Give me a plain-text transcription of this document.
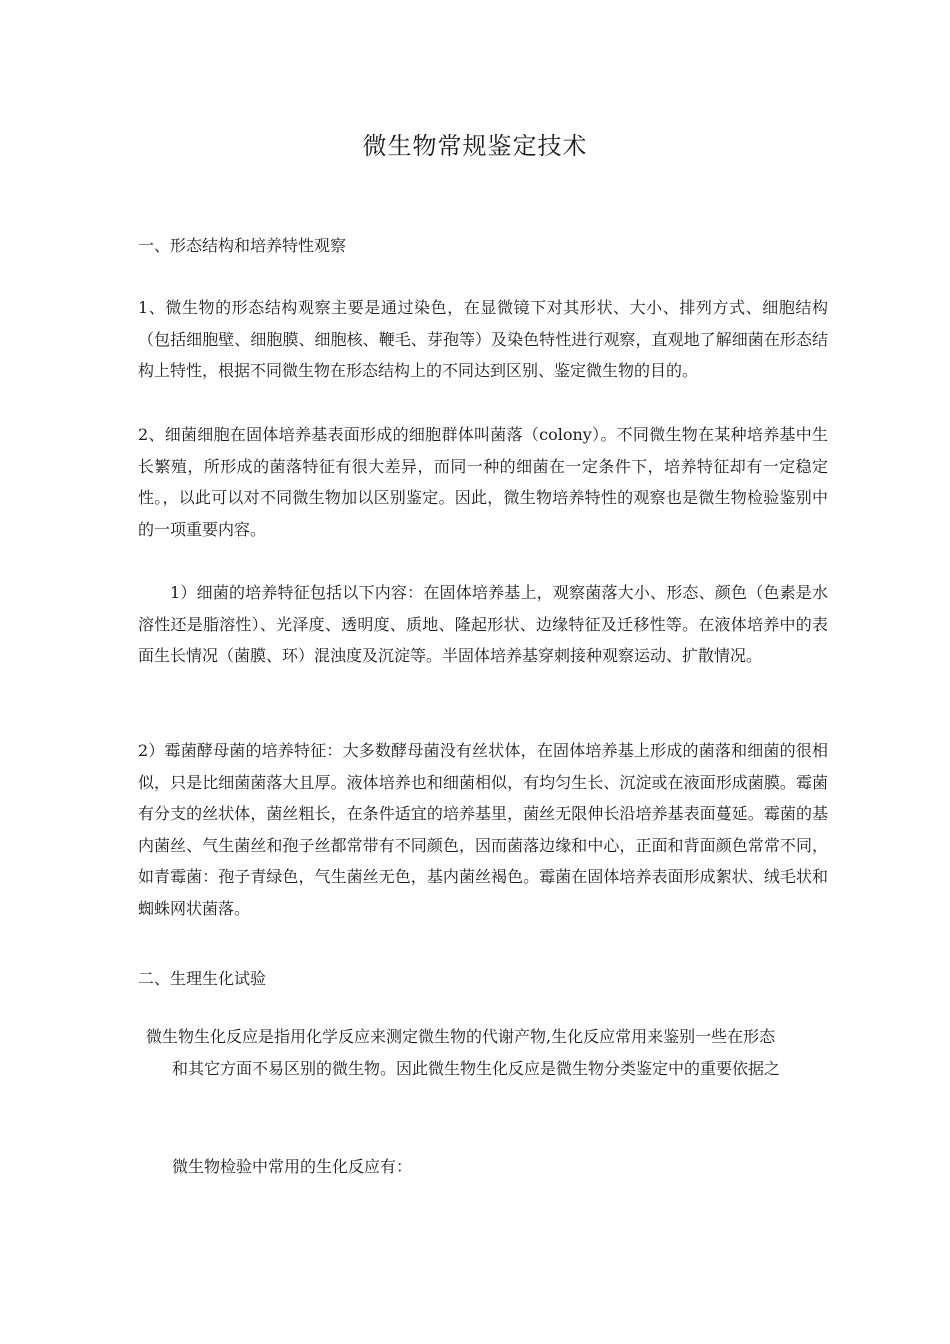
微生物常规鉴定技术
一、形态结构和培养特性观察

1、微生物的形态结构观察主要是通过染色，在显微镜下对其形状、大小、排列方式、细胞结构（包括细胞壁、细胞膜、细胞核、鞭毛、芽孢等）及染色特性进行观察，直观地了解细菌在形态结构上特性，根据不同微生物在形态结构上的不同达到区别、鉴定微生物的目的。

2、细菌细胞在固体培养基表面形成的细胞群体叫菌落（colony）。不同微生物在某种培养基中生长繁殖，所形成的菌落特征有很大差异，而同一种的细菌在一定条件下，培养特征却有一定稳定性。，以此可以对不同微生物加以区别鉴定。因此，微生物培养特性的观察也是微生物检验鉴别中的一项重要内容。

1）细菌的培养特征包括以下内容：在固体培养基上，观察菌落大小、形态、颜色（色素是水溶性还是脂溶性）、光泽度、透明度、质地、隆起形状、边缘特征及迁移性等。在液体培养中的表面生长情况（菌膜、环）混浊度及沉淀等。半固体培养基穿刺接种观察运动、扩散情况。

2）霉菌酵母菌的培养特征：大多数酵母菌没有丝状体，在固体培养基上形成的菌落和细菌的很相似，只是比细菌菌落大且厚。液体培养也和细菌相似，有均匀生长、沉淀或在液面形成菌膜。霉菌有分支的丝状体，菌丝粗长，在条件适宜的培养基里，菌丝无限伸长沿培养基表面蔓延。霉菌的基内菌丝、气生菌丝和孢子丝都常带有不同颜色，因而菌落边缘和中心，正面和背面颜色常常不同，如青霉菌：孢子青绿色，气生菌丝无色，基内菌丝褐色。霉菌在固体培养表面形成絮状、绒毛状和蜘蛛网状菌落。

二、生理生化试验

微生物生化反应是指用化学反应来测定微生物的代谢产物,生化反应常用来鉴别一些在形态

和其它方面不易区别的微生物。因此微生物生化反应是微生物分类鉴定中的重要依据之

微生物检验中常用的生化反应有：
